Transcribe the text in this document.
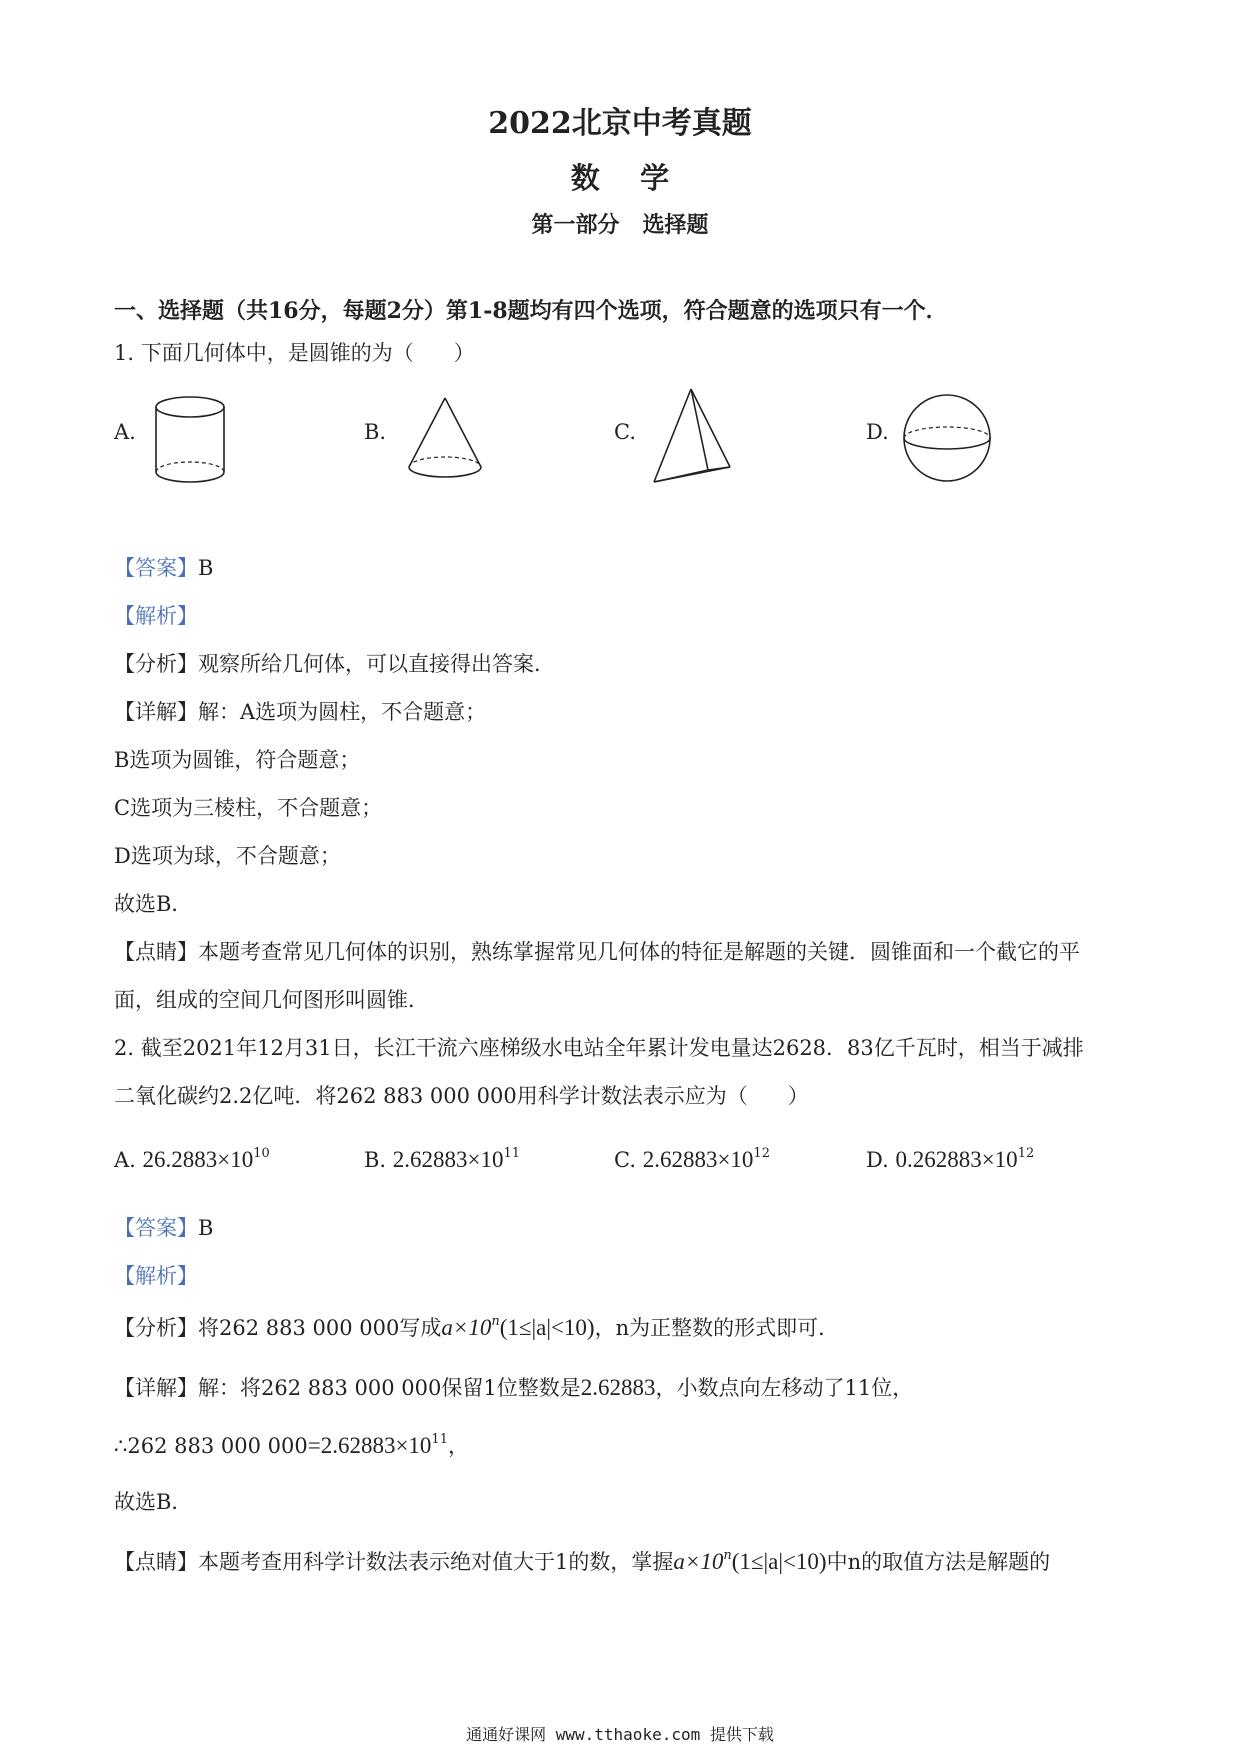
2022北京中考真题
数    学
第一部分   选择题
一、选择题（共16分，每题2分）第1-8题均有四个选项，符合题意的选项只有一个．
1. 下面几何体中，是圆锥的为（      ）
A.	B.	C.	D.
【答案】B
【解析】
【分析】观察所给几何体，可以直接得出答案．
【详解】解：A选项为圆柱，不合题意；
B选项为圆锥，符合题意；
C选项为三棱柱，不合题意；
D选项为球，不合题意；
故选B．
【点睛】本题考查常见几何体的识别，熟练掌握常见几何体的特征是解题的关键．圆锥面和一个截它的平
面，组成的空间几何图形叫圆锥．
2. 截至2021年12月31日，长江干流六座梯级水电站全年累计发电量达2628．83亿千瓦时，相当于减排
二氧化碳约2.2亿吨．将262 883 000 000用科学计数法表示应为（      ）
A. $26.2883\times 10^{10}$	B. $2.62883\times 10^{11}$	C. $2.62883\times 10^{12}$	D. $0.262883\times 10^{12}$
【答案】B
【解析】
【分析】将262 883 000 000写成$a\times 10^n(1\le|a|<10)$，n为正整数的形式即可．
【详解】解：将262 883 000 000保留1位整数是2.62883，小数点向左移动了11位，
∴262 883 000 $000=2.62883\times 10^{11}$，
故选B．
【点睛】本题考查用科学计数法表示绝对值大于1的数，掌握$a\times 10^n(1\le|a|<10)$中n的取值方法是解题的
通通好课网 www.tthaoke.com 提供下载
